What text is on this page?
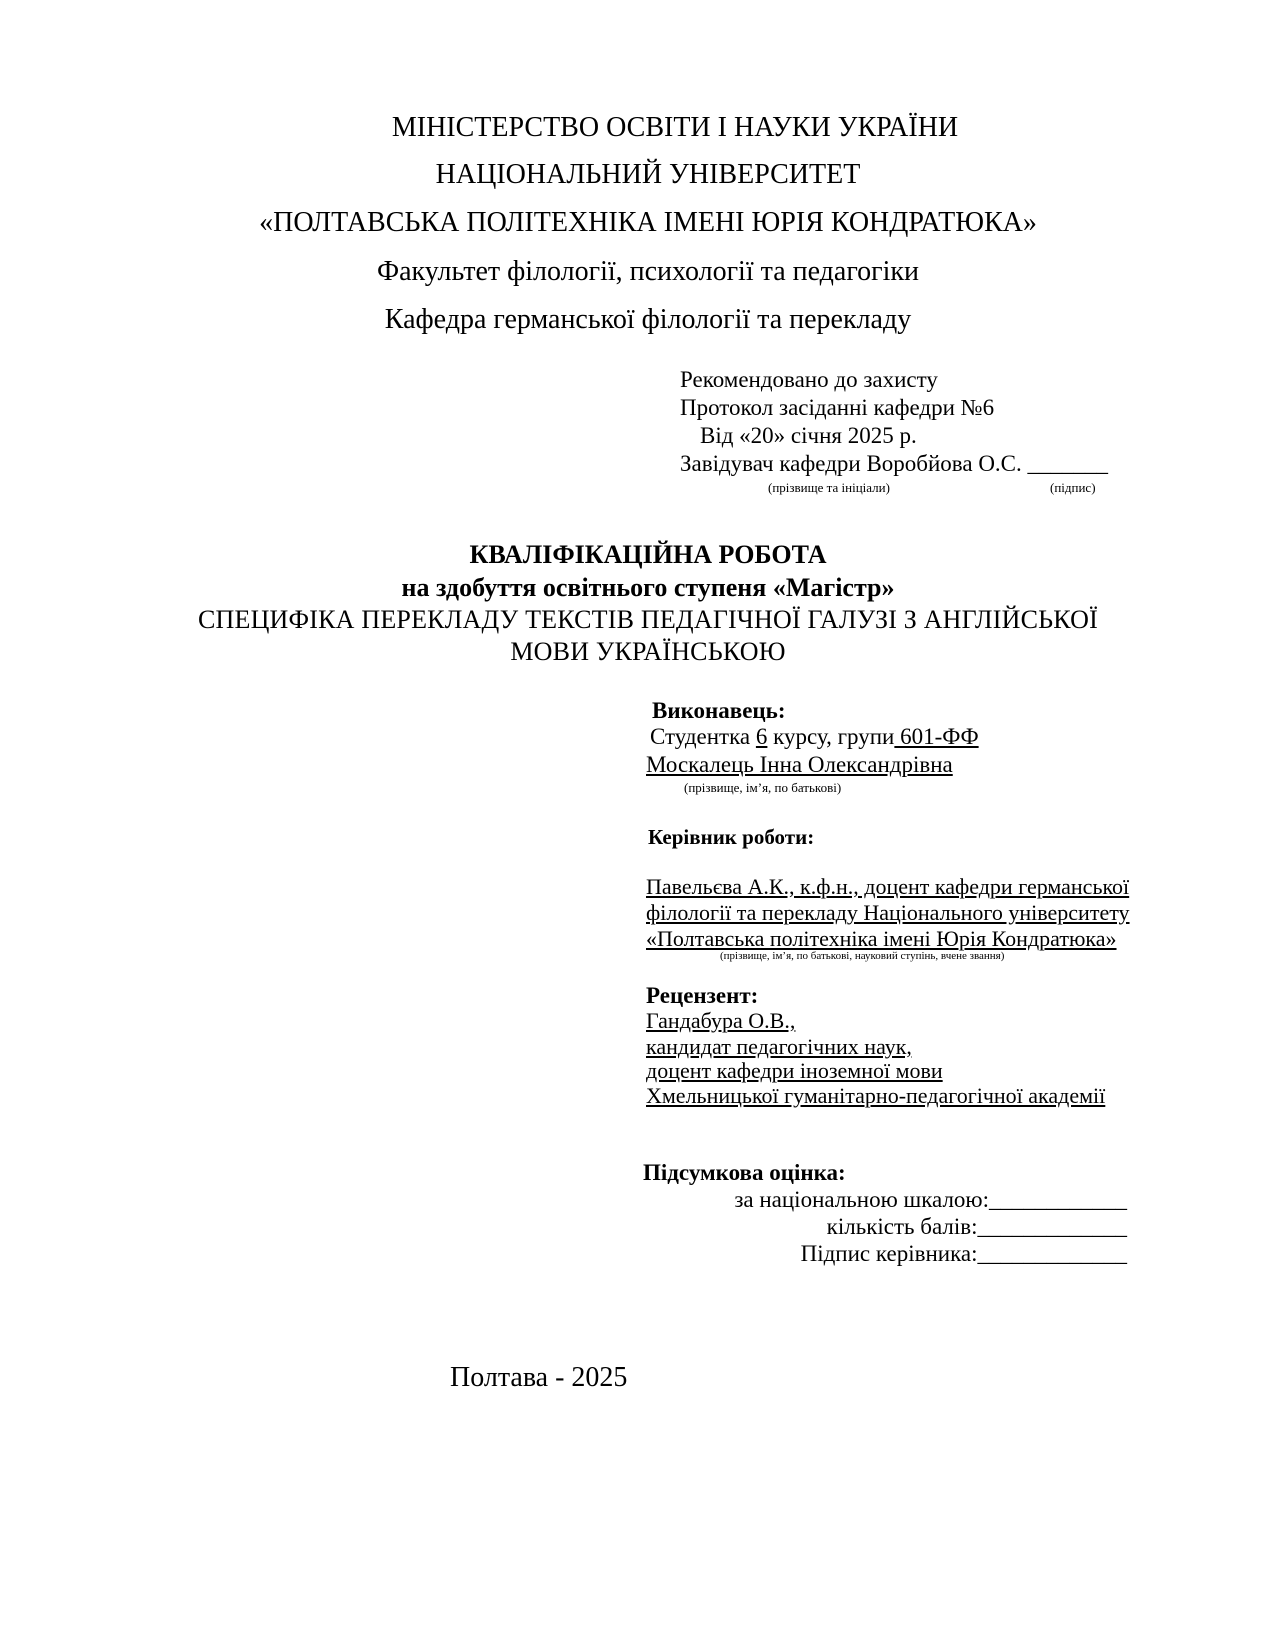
МІНІСТЕРСТВО ОСВІТИ І НАУКИ УКРАЇНИ
НАЦІОНАЛЬНИЙ УНІВЕРСИТЕТ
«ПОЛТАВСЬКА ПОЛІТЕХНІКА ІМЕНІ ЮРІЯ КОНДРАТЮКА»
Факультет філології, психології та педагогіки
Кафедра германської філології та перекладу
Рекомендовано до захисту
Протокол засіданні кафедри №6
Від «20» січня 2025 р.
Завідувач кафедри Воробйова О.С. _______
(прізвище та ініціали)	(підпис)
КВАЛІФІКАЦІЙНА РОБОТА
на здобуття освітнього ступеня «Магістр»
СПЕЦИФІКА ПЕРЕКЛАДУ ТЕКСТІВ ПЕДАГІЧНОЇ ГАЛУЗІ З АНГЛІЙСЬКОЇ
МОВИ УКРАЇНСЬКОЮ
Виконавець:
Студентка 6 курсу, групи 601-ФФ
Москалець Інна Олександрівна
(прізвище, ім’я, по батькові)
Керівник роботи:
Павельєва А.К., к.ф.н., доцент кафедри германської
філології та перекладу Національного університету
«Полтавська політехніка імені Юрія Кондратюка»
(прізвище, ім’я, по батькові, науковий ступінь, вчене звання)
Рецензент:
Гандабура О.В.,
кандидат педагогічних наук,
доцент кафедри іноземної мови
Хмельницької гуманітарно-педагогічної академії
Підсумкова оцінка:
за національною шкалою:____________
кількість балів:_____________
Підпис керівника:_____________
Полтава - 2025
